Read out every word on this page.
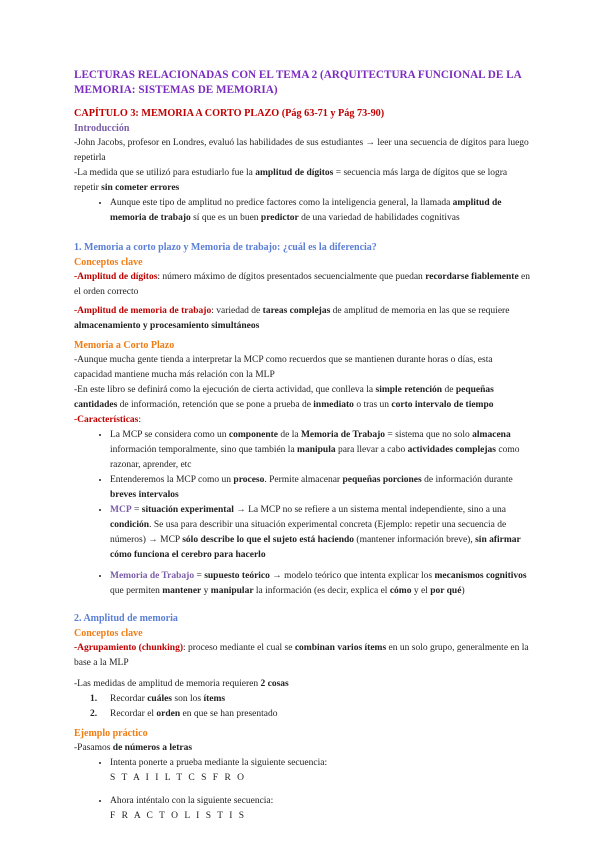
LECTURAS RELACIONADAS CON EL TEMA 2 (ARQUITECTURA FUNCIONAL DE LA MEMORIA: SISTEMAS DE MEMORIA)

CAPÍTULO 3: MEMORIA A CORTO PLAZO (Pág 63-71 y Pág 73-90)

Introducción

-John Jacobs, profesor en Londres, evaluó las habilidades de sus estudiantes → leer una secuencia de dígitos para luego repetirla

-La medida que se utilizó para estudiarlo fue la amplitud de dígitos = secuencia más larga de dígitos que se logra repetir sin cometer errores

• Aunque este tipo de amplitud no predice factores como la inteligencia general, la llamada amplitud de memoria de trabajo sí que es un buen predictor de una variedad de habilidades cognitivas

1. Memoria a corto plazo y Memoria de trabajo: ¿cuál es la diferencia?

Conceptos clave

-Amplitud de dígitos: número máximo de dígitos presentados secuencialmente que puedan recordarse fiablemente en el orden correcto

-Amplitud de memoria de trabajo: variedad de tareas complejas de amplitud de memoria en las que se requiere almacenamiento y procesamiento simultáneos

Memoria a Corto Plazo

-Aunque mucha gente tienda a interpretar la MCP como recuerdos que se mantienen durante horas o días, esta capacidad mantiene mucha más relación con la MLP

-En este libro se definirá como la ejecución de cierta actividad, que conlleva la simple retención de pequeñas cantidades de información, retención que se pone a prueba de inmediato o tras un corto intervalo de tiempo

-Características:

• La MCP se considera como un componente de la Memoria de Trabajo = sistema que no solo almacena información temporalmente, sino que también la manipula para llevar a cabo actividades complejas como razonar, aprender, etc
• Entenderemos la MCP como un proceso. Permite almacenar pequeñas porciones de información durante breves intervalos
• MCP = situación experimental → La MCP no se refiere a un sistema mental independiente, sino a una condición. Se usa para describir una situación experimental concreta (Ejemplo: repetir una secuencia de números) → MCP sólo describe lo que el sujeto está haciendo (mantener información breve), sin afirmar cómo funciona el cerebro para hacerlo
• Memoria de Trabajo = supuesto teórico → modelo teórico que intenta explicar los mecanismos cognitivos que permiten mantener y manipular la información (es decir, explica el cómo y el por qué)

2. Amplitud de memoria

Conceptos clave

-Agrupamiento (chunking): proceso mediante el cual se combinan varios ítems en un solo grupo, generalmente en la base a la MLP

-Las medidas de amplitud de memoria requieren 2 cosas

1. Recordar cuáles son los ítems
2. Recordar el orden en que se han presentado

Ejemplo práctico

-Pasamos de números a letras

• Intenta ponerte a prueba mediante la siguiente secuencia:
S T A I I L T C S F R O
• Ahora inténtalo con la siguiente secuencia:
F R A C T O L I S T I S
